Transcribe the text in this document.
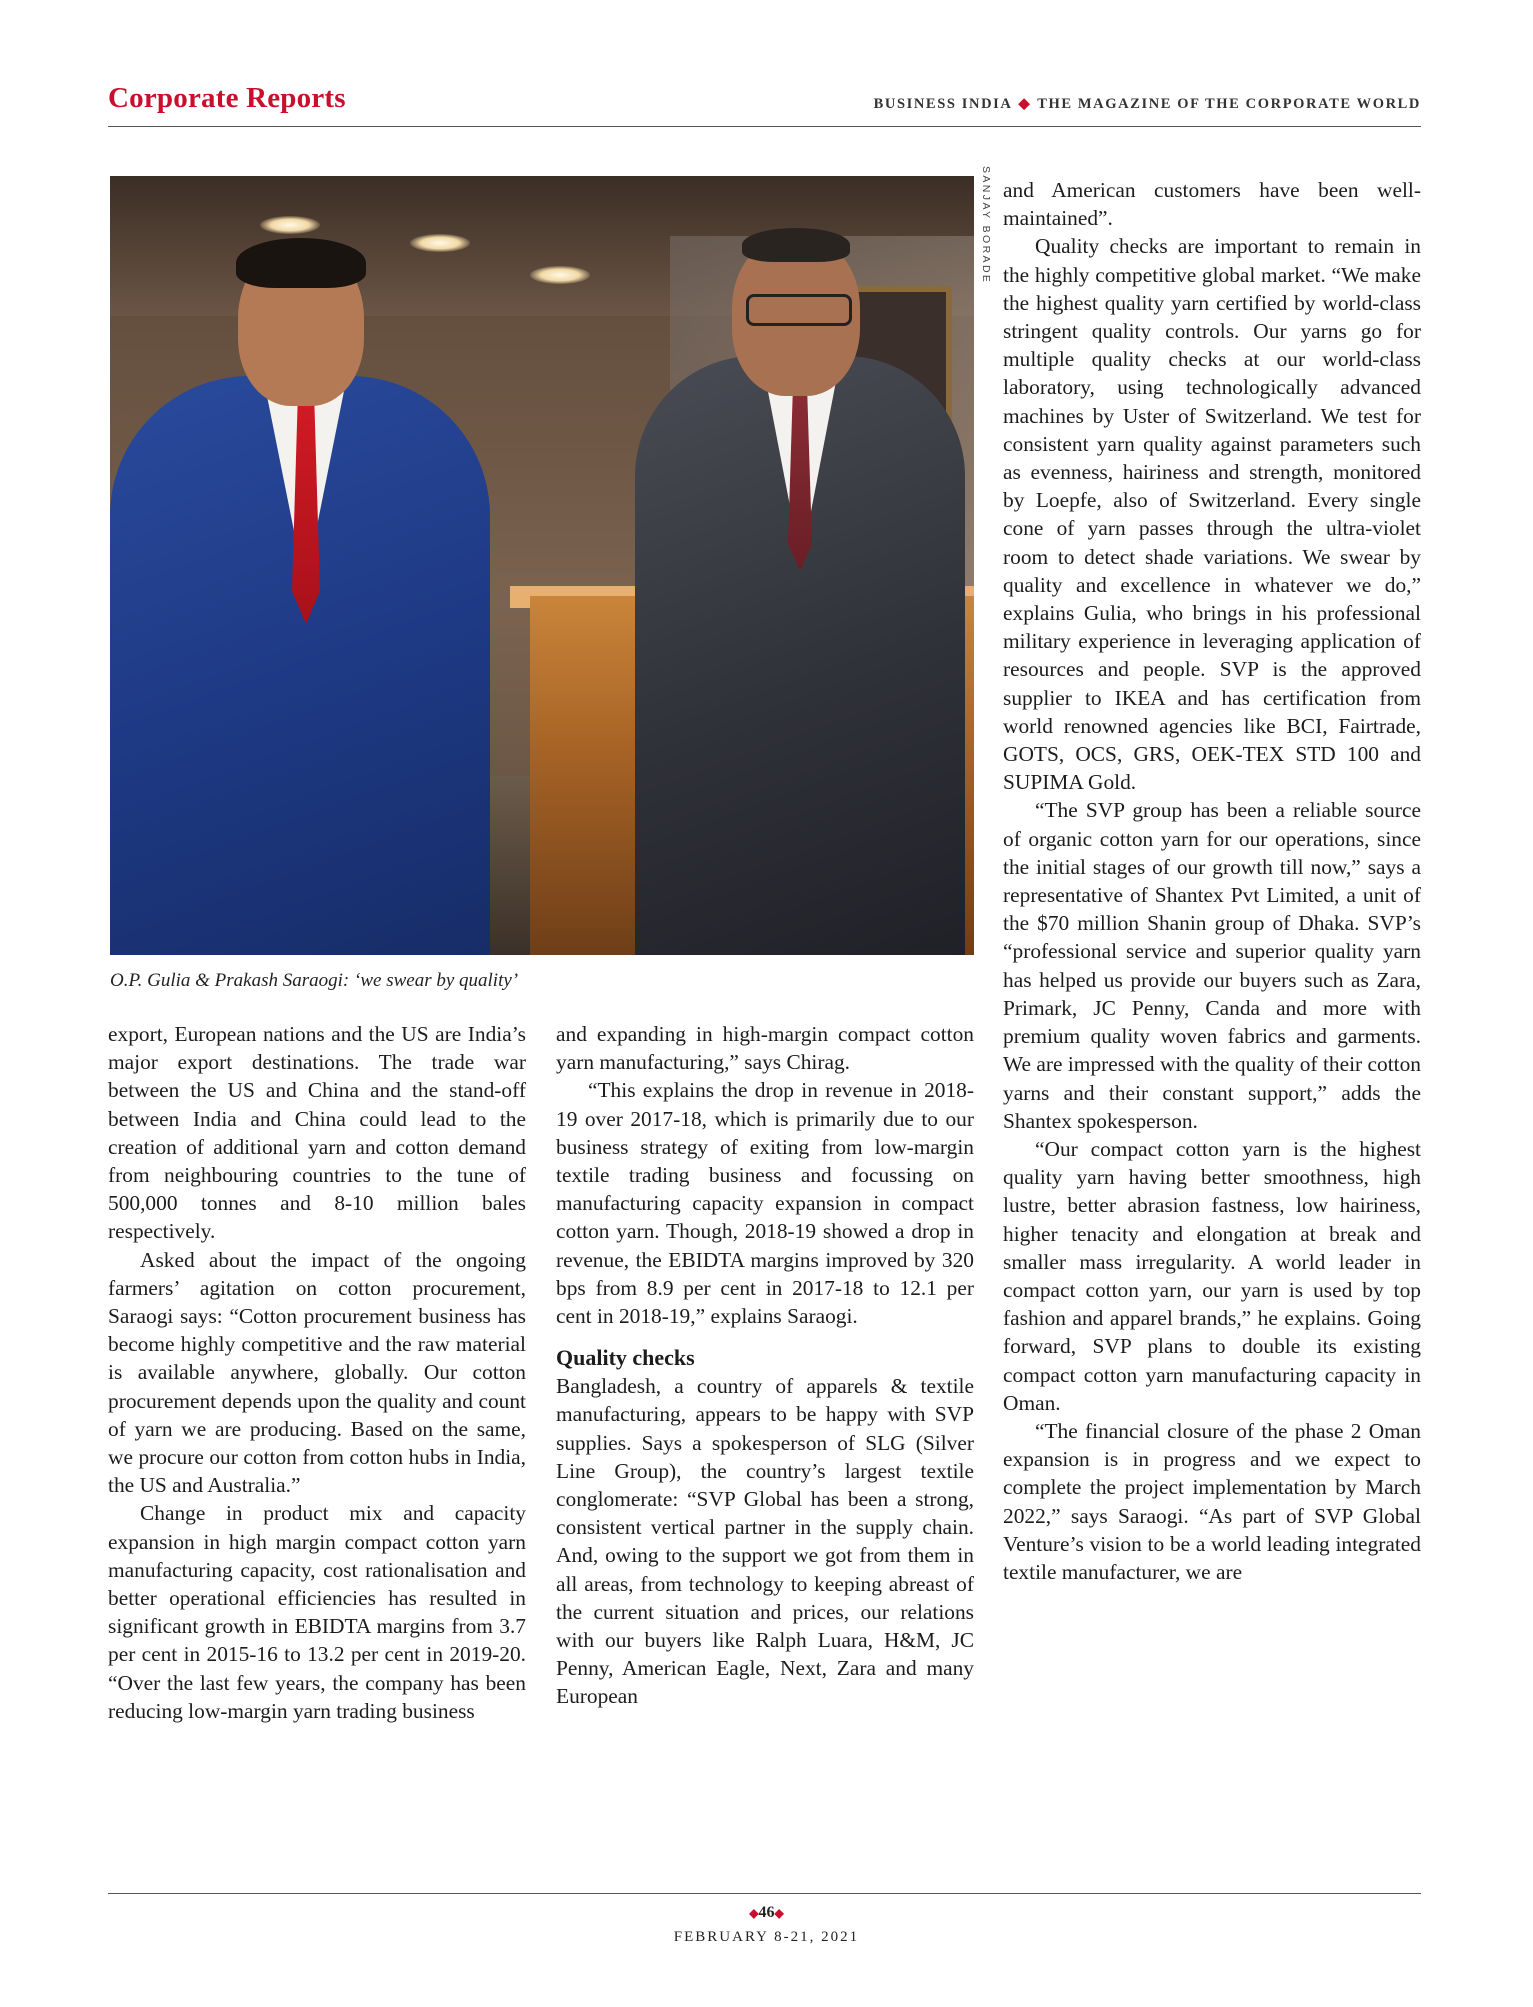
Corporate Reports	BUSINESS INDIA ◆ THE MAGAZINE OF THE CORPORATE WORLD
SANJAY BORADE
O.P. Gulia & Prakash Saraogi: ‘we swear by quality’

export, European nations and the US are India’s major export destinations. The trade war between the US and China and the stand-off between India and China could lead to the creation of additional yarn and cotton demand from neighbouring countries to the tune of 500,000 tonnes and 8-10 million bales respectively.

Asked about the impact of the ongoing farmers’ agitation on cotton procurement, Saraogi says: “Cotton procurement business has become highly competitive and the raw material is available anywhere, globally. Our cotton procurement depends upon the quality and count of yarn we are producing. Based on the same, we procure our cotton from cotton hubs in India, the US and Australia.”

Change in product mix and capacity expansion in high margin compact cotton yarn manufacturing capacity, cost rationalisation and better operational efficiencies has resulted in significant growth in EBIDTA margins from 3.7 per cent in 2015-16 to 13.2 per cent in 2019-20. “Over the last few years, the company has been reducing low-margin yarn trading business

and expanding in high-margin compact cotton yarn manufacturing,” says Chirag.

“This explains the drop in revenue in 2018-19 over 2017-18, which is primarily due to our business strategy of exiting from low-margin textile trading business and focussing on manufacturing capacity expansion in compact cotton yarn. Though, 2018-19 showed a drop in revenue, the EBIDTA margins improved by 320 bps from 8.9 per cent in 2017-18 to 12.1 per cent in 2018-19,” explains Saraogi.

Quality checks

Bangladesh, a country of apparels & textile manufacturing, appears to be happy with SVP supplies. Says a spokesperson of SLG (Silver Line Group), the country’s largest textile conglomerate: “SVP Global has been a strong, consistent vertical partner in the supply chain. And, owing to the support we got from them in all areas, from technology to keeping abreast of the current situation and prices, our relations with our buyers like Ralph Luara, H&M, JC Penny, American Eagle, Next, Zara and many European

and American customers have been well-maintained”.

Quality checks are important to remain in the highly competitive global market. “We make the highest quality yarn certified by world-class stringent quality controls. Our yarns go for multiple quality checks at our world-class laboratory, using technologically advanced machines by Uster of Switzerland. We test for consistent yarn quality against parameters such as evenness, hairiness and strength, monitored by Loepfe, also of Switzerland. Every single cone of yarn passes through the ultra-violet room to detect shade variations. We swear by quality and excellence in whatever we do,” explains Gulia, who brings in his professional military experience in leveraging application of resources and people. SVP is the approved supplier to IKEA and has certification from world renowned agencies like BCI, Fairtrade, GOTS, OCS, GRS, OEK-TEX STD 100 and SUPIMA Gold.

“The SVP group has been a reliable source of organic cotton yarn for our operations, since the initial stages of our growth till now,” says a representative of Shantex Pvt Limited, a unit of the $70 million Shanin group of Dhaka. SVP’s “professional service and superior quality yarn has helped us provide our buyers such as Zara, Primark, JC Penny, Canda and more with premium quality woven fabrics and garments. We are impressed with the quality of their cotton yarns and their constant support,” adds the Shantex spokesperson.

“Our compact cotton yarn is the highest quality yarn having better smoothness, high lustre, better abrasion fastness, low hairiness, higher tenacity and elongation at break and smaller mass irregularity. A world leader in compact cotton yarn, our yarn is used by top fashion and apparel brands,” he explains. Going forward, SVP plans to double its existing compact cotton yarn manufacturing capacity in Oman.

“The financial closure of the phase 2 Oman expansion is in progress and we expect to complete the project implementation by March 2022,” says Saraogi. “As part of SVP Global Venture’s vision to be a world leading integrated textile manufacturer, we are

◆46◆
FEBRUARY 8-21, 2021
